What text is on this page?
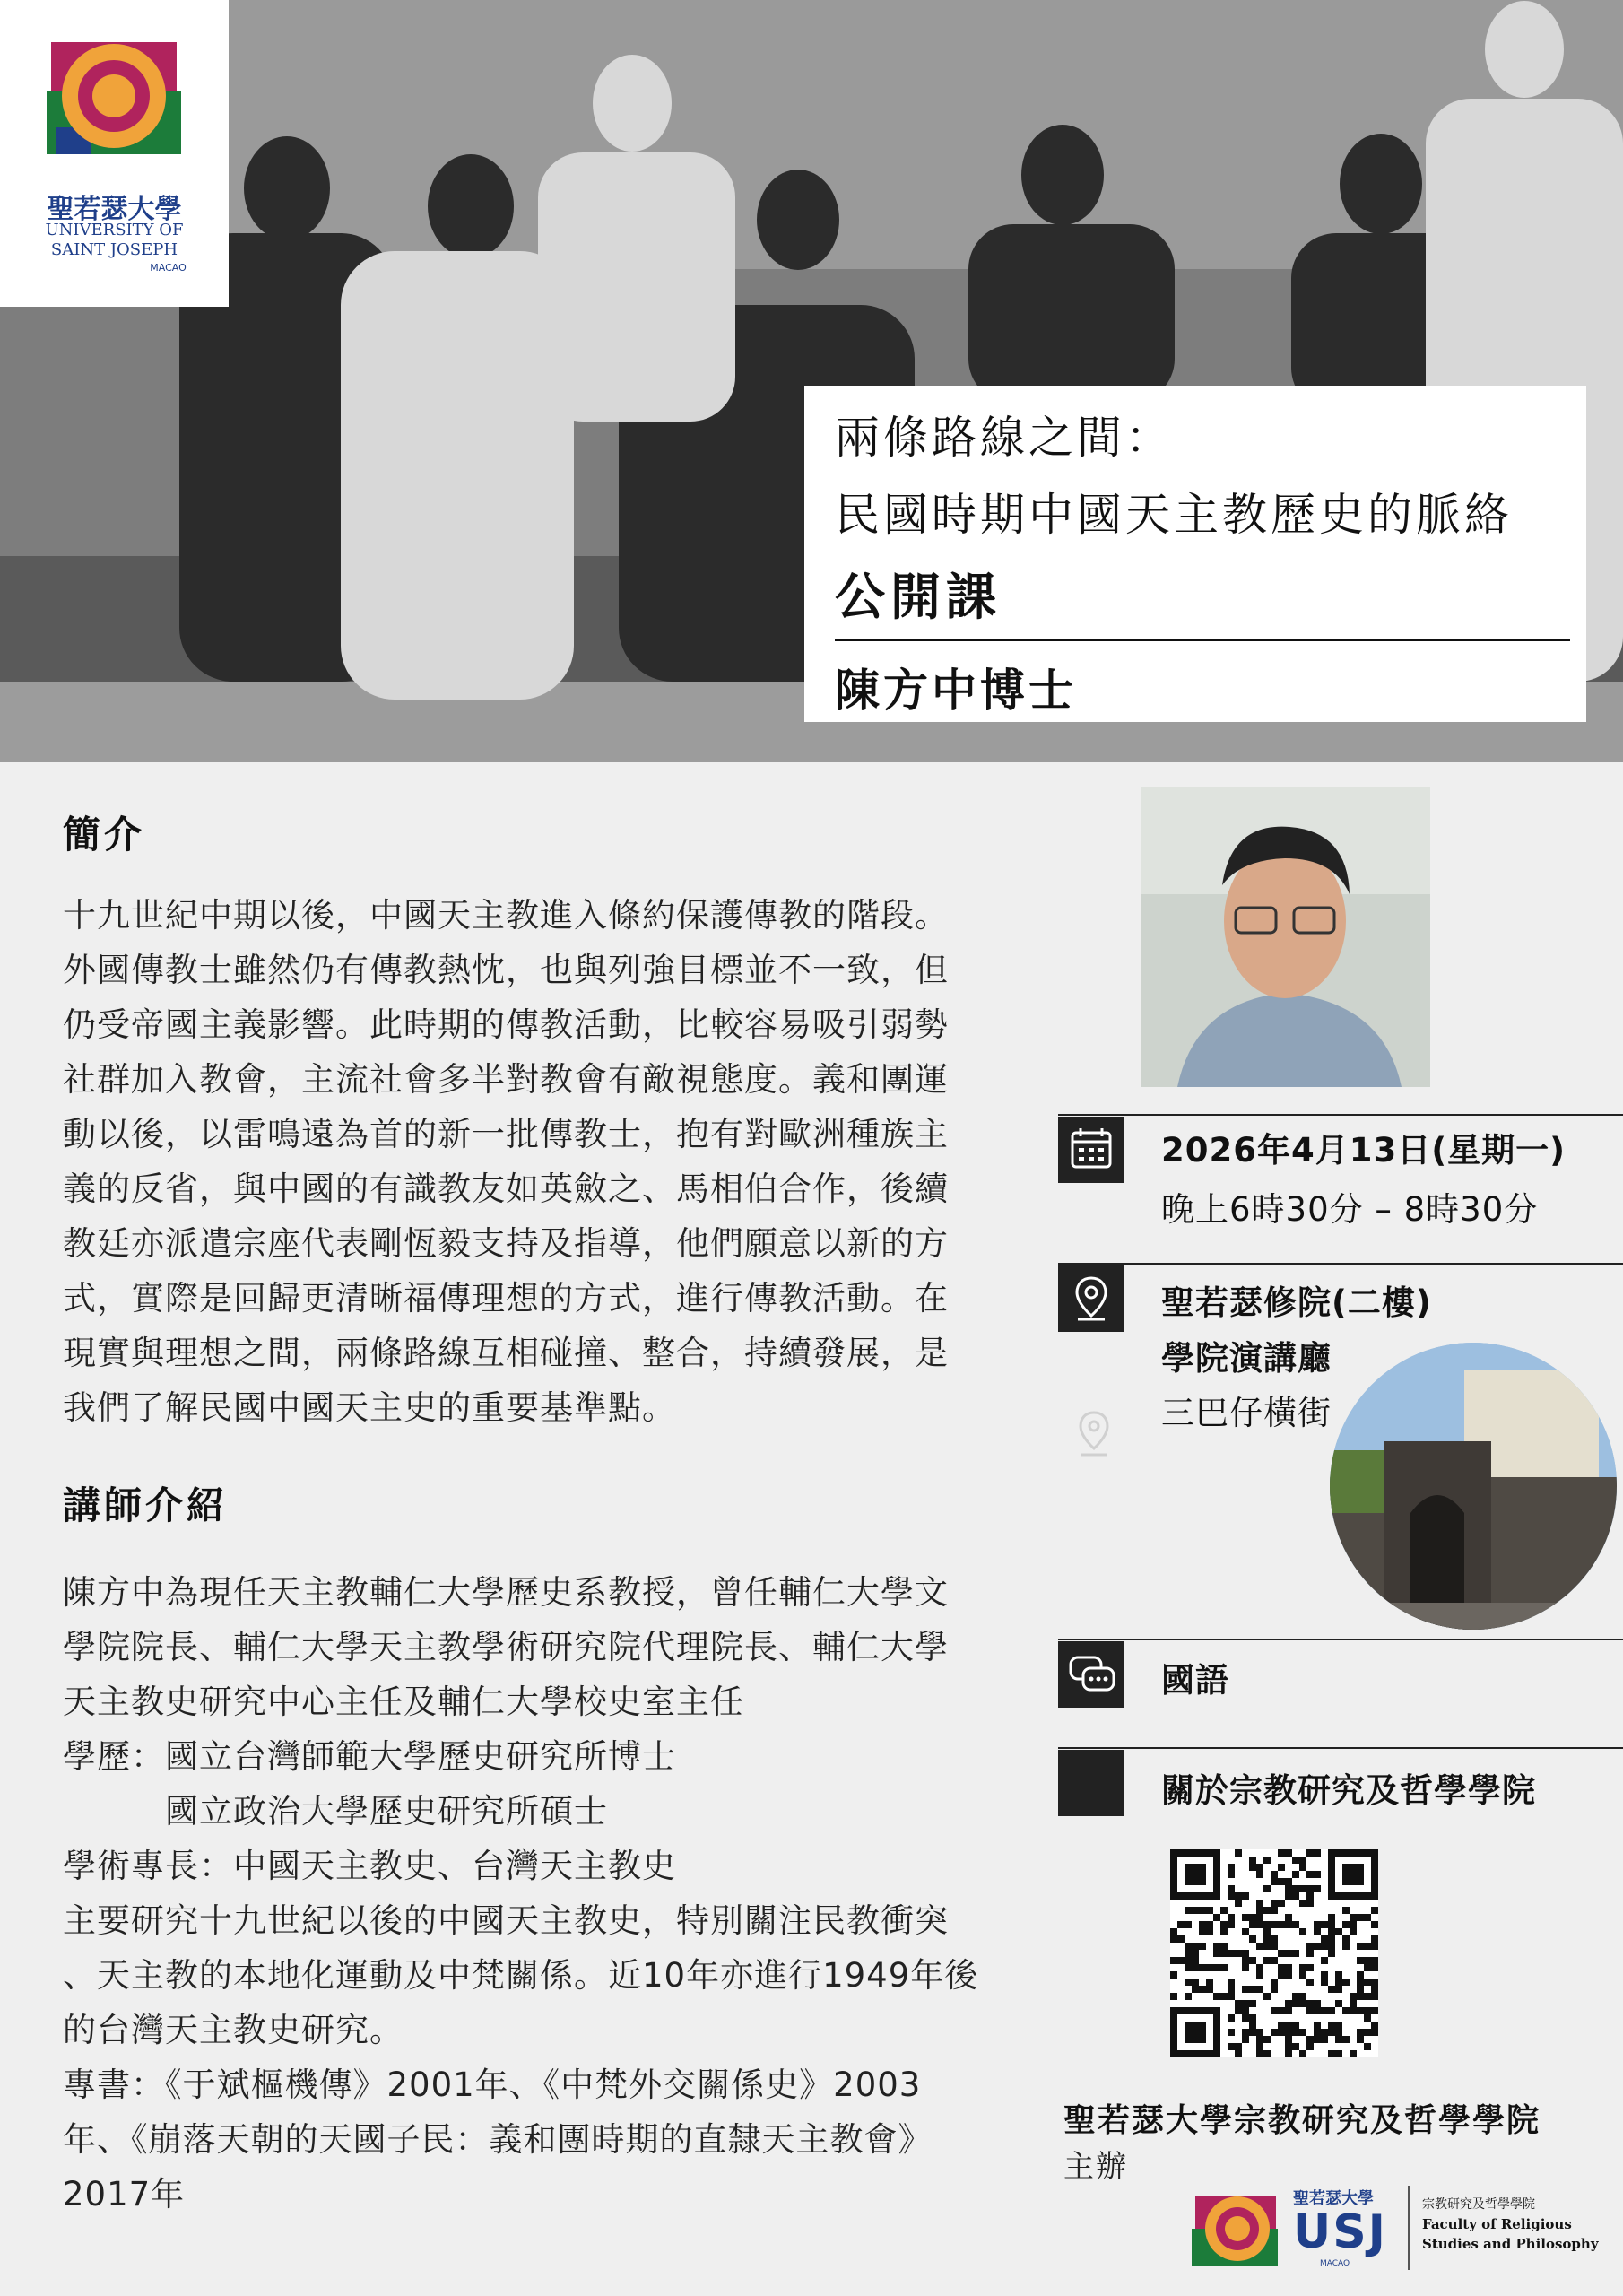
聖若瑟大學
UNIVERSITY OF
SAINT JOSEPH
MACAO
兩條路線之間：
民國時期中國天主教歷史的脈絡
公開課
陳方中博士
簡介
十九世紀中期以後，中國天主教進入條約保護傳教的階段。
外國傳教士雖然仍有傳教熱忱，也與列強目標並不一致，但
仍受帝國主義影響。此時期的傳教活動，比較容易吸引弱勢
社群加入教會，主流社會多半對教會有敵視態度。義和團運
動以後，以雷鳴遠為首的新一批傳教士，抱有對歐洲種族主
義的反省，與中國的有識教友如英斂之、馬相伯合作，後續
教廷亦派遣宗座代表剛恆毅支持及指導，他們願意以新的方
式，實際是回歸更清晰福傳理想的方式，進行傳教活動。在
現實與理想之間，兩條路線互相碰撞、整合，持續發展，是
我們了解民國中國天主史的重要基準點。
講師介紹
陳方中為現任天主教輔仁大學歷史系教授，曾任輔仁大學文
學院院長、輔仁大學天主教學術研究院代理院長、輔仁大學
天主教史研究中心主任及輔仁大學校史室主任
學歷：國立台灣師範大學歷史研究所博士
　　　國立政治大學歷史研究所碩士
學術專長：中國天主教史、台灣天主教史
主要研究十九世紀以後的中國天主教史，特別關注民教衝突
、天主教的本地化運動及中梵關係。近10年亦進行1949年後
的台灣天主教史研究。
專書：《于斌樞機傳》2001年、《中梵外交關係史》2003
年、《崩落天朝的天國子民：義和團時期的直隸天主教會》
2017年
2026年4月13日(星期一)
晚上6時30分 – 8時30分
聖若瑟修院(二樓)
學院演講廳
三巴仔橫街
國語
關於宗教研究及哲學學院
聖若瑟大學宗教研究及哲學學院
主辦
聖若瑟大學
USJ
MACAO
宗教研究及哲學學院
Faculty of Religious
Studies and Philosophy
